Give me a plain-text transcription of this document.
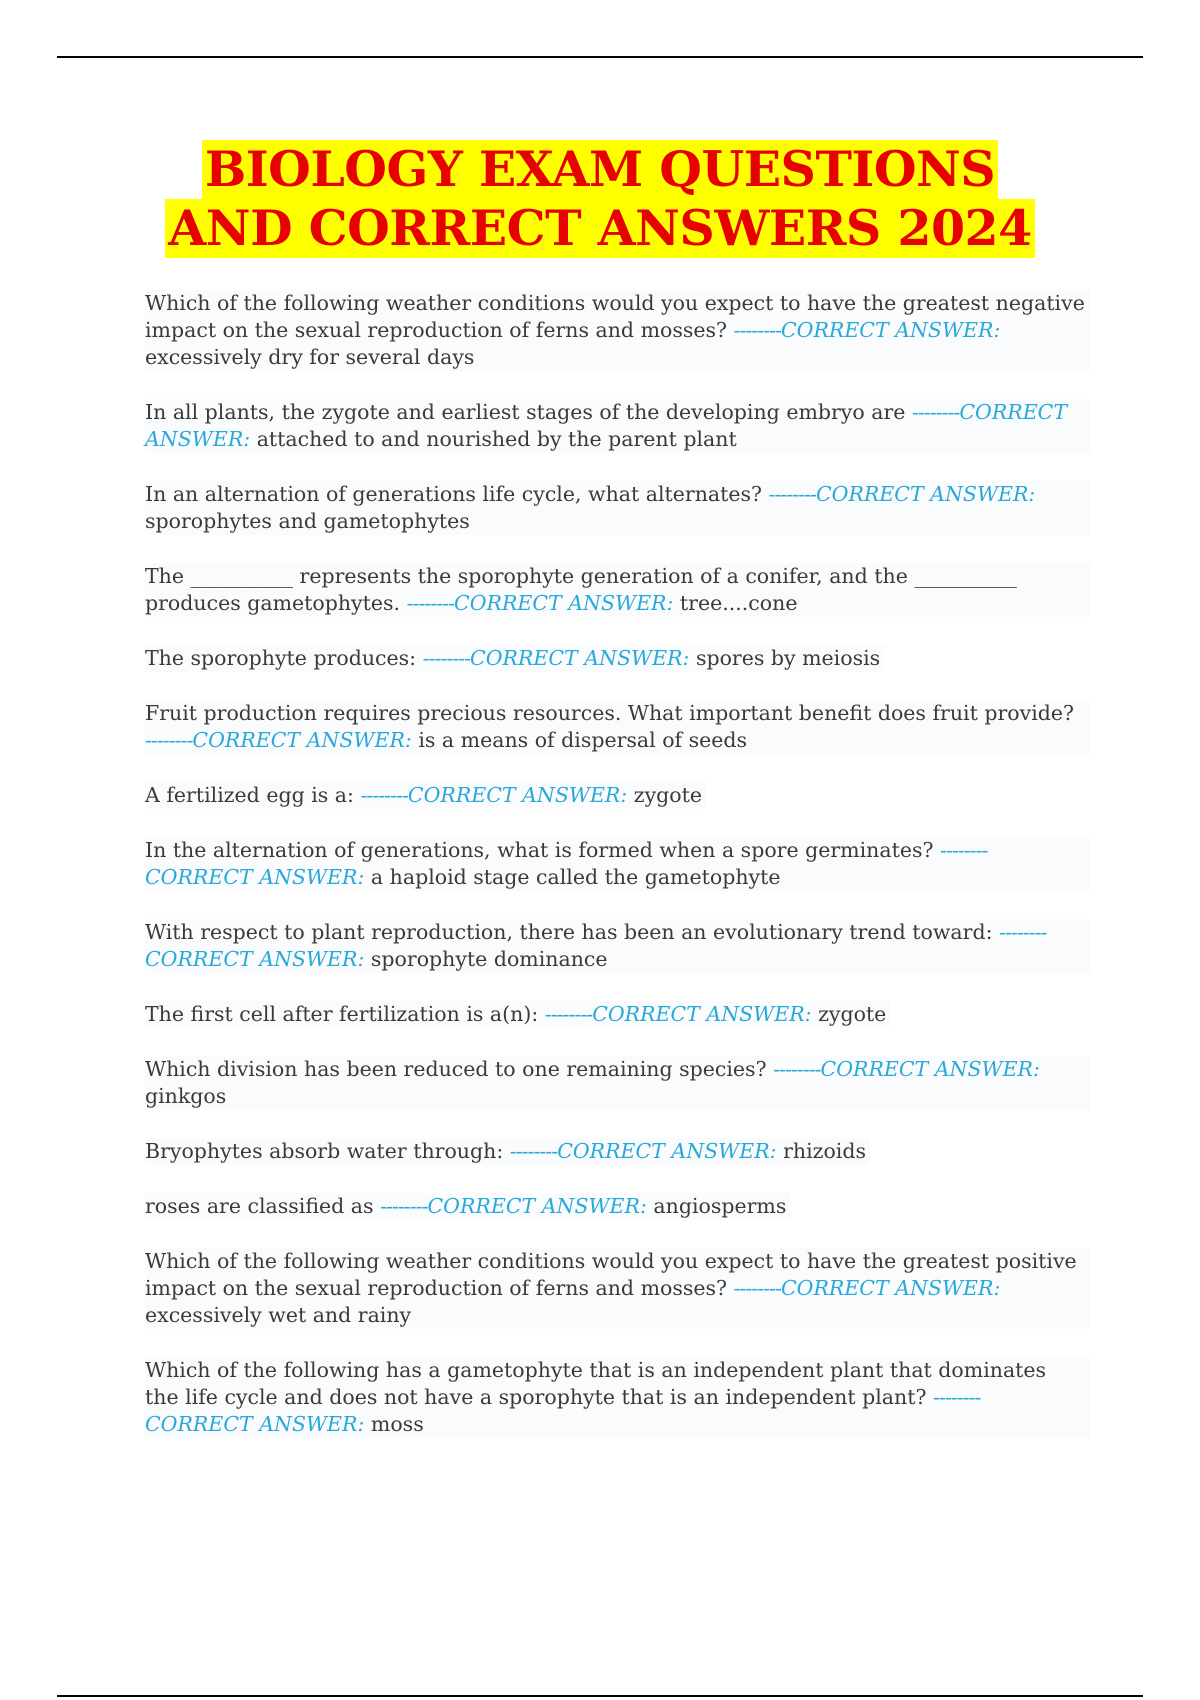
BIOLOGY EXAM QUESTIONS
AND CORRECT ANSWERS 2024
Which of the following weather conditions would you expect to have the greatest negative impact on the sexual reproduction of ferns and mosses? --------CORRECT ANSWER: excessively dry for several days
In all plants, the zygote and earliest stages of the developing embryo are --------CORRECT ANSWER: attached to and nourished by the parent plant
In an alternation of generations life cycle, what alternates? --------CORRECT ANSWER: sporophytes and gametophytes
The __________ represents the sporophyte generation of a conifer, and the __________ produces gametophytes. --------CORRECT ANSWER: tree....cone
The sporophyte produces: --------CORRECT ANSWER: spores by meiosis
Fruit production requires precious resources. What important benefit does fruit provide? --------CORRECT ANSWER: is a means of dispersal of seeds
A fertilized egg is a: --------CORRECT ANSWER: zygote
In the alternation of generations, what is formed when a spore germinates? --------CORRECT ANSWER: a haploid stage called the gametophyte
With respect to plant reproduction, there has been an evolutionary trend toward: --------CORRECT ANSWER: sporophyte dominance
The first cell after fertilization is a(n): --------CORRECT ANSWER: zygote
Which division has been reduced to one remaining species? --------CORRECT ANSWER: ginkgos
Bryophytes absorb water through: --------CORRECT ANSWER: rhizoids
roses are classified as --------CORRECT ANSWER: angiosperms
Which of the following weather conditions would you expect to have the greatest positive impact on the sexual reproduction of ferns and mosses? --------CORRECT ANSWER: excessively wet and rainy
Which of the following has a gametophyte that is an independent plant that dominates the life cycle and does not have a sporophyte that is an independent plant? --------CORRECT ANSWER: moss
